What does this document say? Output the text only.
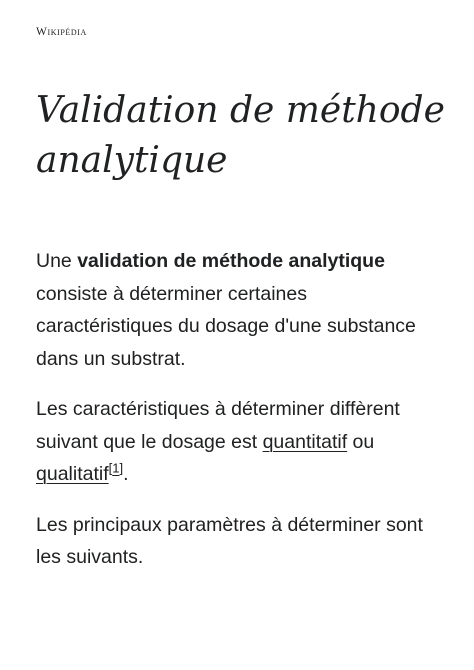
Wikipédia
Validation de méthode analytique

Une validation de méthode analytique consiste à déterminer certaines caractéristiques du dosage d'une substance dans un substrat.

Les caractéristiques à déterminer diffèrent suivant que le dosage est quantitatif ou qualitatif[1].

Les principaux paramètres à déterminer sont les suivants.
